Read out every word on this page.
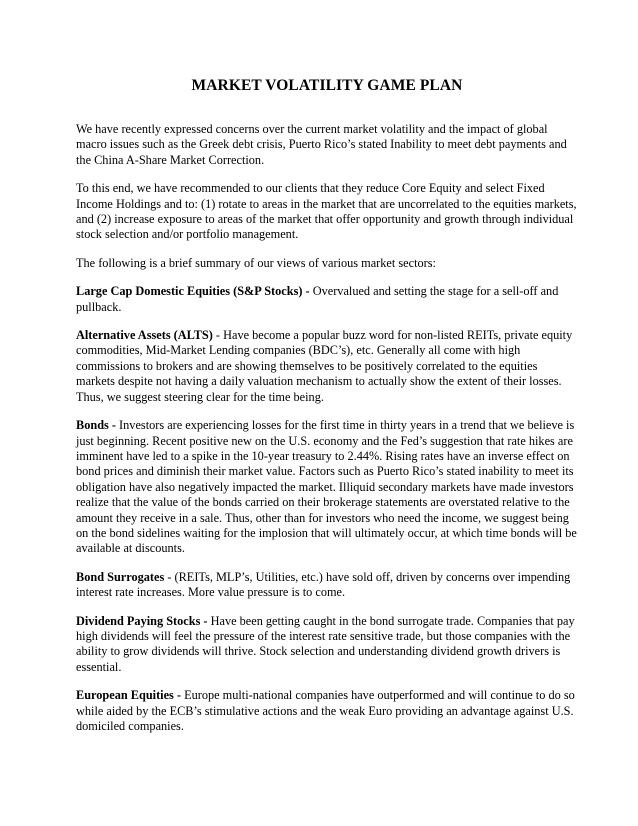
MARKET VOLATILITY GAME PLAN

We have recently expressed concerns over the current market volatility and the impact of global macro issues such as the Greek debt crisis, Puerto Rico’s stated Inability to meet debt payments and the China A-Share Market Correction.

To this end, we have recommended to our clients that they reduce Core Equity and select Fixed Income Holdings and to: (1) rotate to areas in the market that are uncorrelated to the equities markets, and (2) increase exposure to areas of the market that offer opportunity and growth through individual stock selection and/or portfolio management.

The following is a brief summary of our views of various market sectors:

Large Cap Domestic Equities (S&P Stocks) - Overvalued and setting the stage for a sell-off and pullback.

Alternative Assets (ALTS) - Have become a popular buzz word for non-listed REITs, private equity commodities, Mid-Market Lending companies (BDC’s), etc. Generally all come with high commissions to brokers and are showing themselves to be positively correlated to the equities markets despite not having a daily valuation mechanism to actually show the extent of their losses. Thus, we suggest steering clear for the time being.

Bonds - Investors are experiencing losses for the first time in thirty years in a trend that we believe is just beginning. Recent positive new on the U.S. economy and the Fed’s suggestion that rate hikes are imminent have led to a spike in the 10-year treasury to 2.44%. Rising rates have an inverse effect on bond prices and diminish their market value. Factors such as Puerto Rico’s stated inability to meet its obligation have also negatively impacted the market. Illiquid secondary markets have made investors realize that the value of the bonds carried on their brokerage statements are overstated relative to the amount they receive in a sale. Thus, other than for investors who need the income, we suggest being on the bond sidelines waiting for the implosion that will ultimately occur, at which time bonds will be available at discounts.

Bond Surrogates - (REITs, MLP’s, Utilities, etc.) have sold off, driven by concerns over impending interest rate increases. More value pressure is to come.

Dividend Paying Stocks - Have been getting caught in the bond surrogate trade. Companies that pay high dividends will feel the pressure of the interest rate sensitive trade, but those companies with the ability to grow dividends will thrive. Stock selection and understanding dividend growth drivers is essential.

European Equities - Europe multi-national companies have outperformed and will continue to do so while aided by the ECB’s stimulative actions and the weak Euro providing an advantage against U.S. domiciled companies.
